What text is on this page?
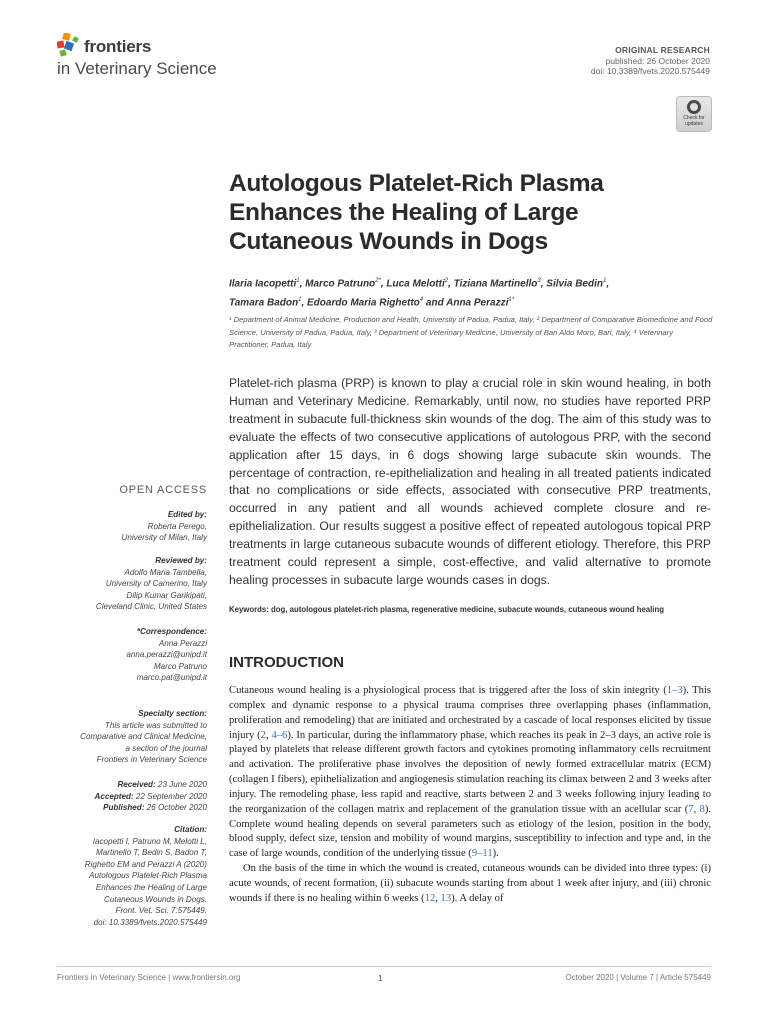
frontiers
in Veterinary Science
ORIGINAL RESEARCH
published: 26 October 2020
doi: 10.3389/fvets.2020.575449
Check for updates
Autologous Platelet-Rich Plasma
Enhances the Healing of Large
Cutaneous Wounds in Dogs
Ilaria Iacopetti$^1$, Marco Patruno$^{2*}$, Luca Melotti$^2$, Tiziana Martinello$^3$, Silvia Bedin$^1$,
Tamara Badon$^1$, Edoardo Maria Righetto$^4$ and Anna Perazzi$^{1*}$
¹ Department of Animal Medicine, Production and Health, University of Padua, Padua, Italy, ² Department of Comparative Biomedicine and Food Science, University of Padua, Padua, Italy, ³ Department of Veterinary Medicine, University of Bari Aldo Moro, Bari, Italy, ⁴ Veterinary Practitioner, Padua, Italy
Platelet-rich plasma (PRP) is known to play a crucial role in skin wound healing, in both Human and Veterinary Medicine. Remarkably, until now, no studies have reported PRP treatment in subacute full-thickness skin wounds of the dog. The aim of this study was to evaluate the effects of two consecutive applications of autologous PRP, with the second application after 15 days, in 6 dogs showing large subacute skin wounds. The percentage of contraction, re-epithelialization and healing in all treated patients indicated that no complications or side effects, associated with consecutive PRP treatments, occurred in any patient and all wounds achieved complete closure and re-epithelialization. Our results suggest a positive effect of repeated autologous topical PRP treatments in large cutaneous subacute wounds of different etiology. Therefore, this PRP treatment could represent a simple, cost-effective, and valid alternative to promote healing processes in subacute large wounds cases in dogs.
Keywords: dog, autologous platelet-rich plasma, regenerative medicine, subacute wounds, cutaneous wound healing
INTRODUCTION

Cutaneous wound healing is a physiological process that is triggered after the loss of skin integrity (1–3). This complex and dynamic response to a physical trauma comprises three overlapping phases (inflammation, proliferation and remodeling) that are initiated and orchestrated by a cascade of local responses elicited by tissue injury (2, 4–6). In particular, during the inflammatory phase, which reaches its peak in 2–3 days, an active role is played by platelets that release different growth factors and cytokines promoting inflammatory cells recruitment and activation. The proliferative phase involves the deposition of newly formed extracellular matrix (ECM) (collagen I fibers), epithelialization and angiogenesis stimulation reaching its climax between 2 and 3 weeks after injury. The remodeling phase, less rapid and reactive, starts between 2 and 3 weeks following injury leading to the reorganization of the collagen matrix and replacement of the granulation tissue with an acellular scar (7, 8). Complete wound healing depends on several parameters such as etiology of the lesion, position in the body, blood supply, defect size, tension and mobility of wound margins, susceptibility to infection and type and, in the case of large wounds, condition of the underlying tissue (9–11).

On the basis of the time in which the wound is created, cutaneous wounds can be divided into three types: (i) acute wounds, of recent formation, (ii) subacute wounds starting from about 1 week after injury, and (iii) chronic wounds if there is no healing within 6 weeks (12, 13). A delay of

OPEN ACCESS
Edited by:
Roberta Perego,
University of Milan, Italy
Reviewed by:
Adolfo Maria Tambella,
University of Camerino, Italy
Dilip Kumar Garikipati,
Cleveland Clinic, United States
*Correspondence:
Anna Perazzi
anna.perazzi@unipd.it
Marco Patruno
marco.pat@unipd.it
Specialty section:
This article was submitted to
Comparative and Clinical Medicine,
a section of the journal
Frontiers in Veterinary Science
Received: 23 June 2020
Accepted: 22 September 2020
Published: 26 October 2020
Citation:
Iacopetti I, Patruno M, Melotti L,
Martinello T, Bedin S, Badon T,
Righetto EM and Perazzi A (2020)
Autologous Platelet-Rich Plasma
Enhances the Healing of Large
Cutaneous Wounds in Dogs.
Front. Vet. Sci. 7:575449.
doi: 10.3389/fvets.2020.575449
Frontiers in Veterinary Science | www.frontiersin.org	1	October 2020 | Volume 7 | Article 575449
